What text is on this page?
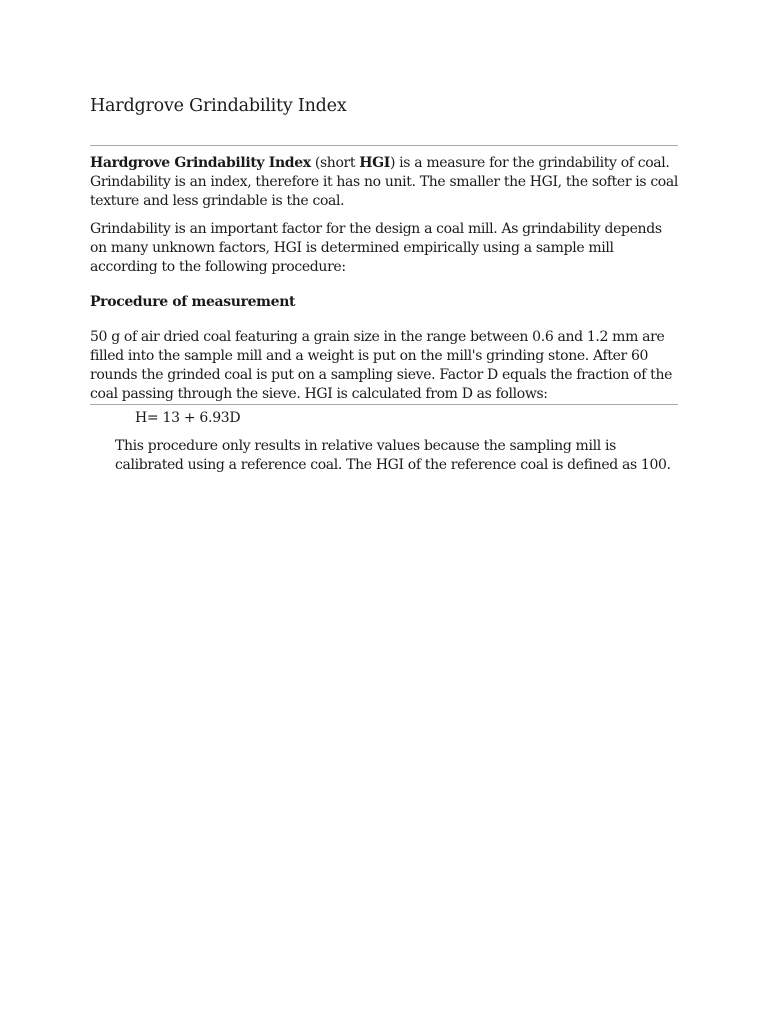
Hardgrove Grindability Index

Hardgrove Grindability Index (short HGI) is a measure for the grindability of coal. Grindability is an index, therefore it has no unit. The smaller the HGI, the softer is coal texture and less grindable is the coal.

Grindability is an important factor for the design a coal mill. As grindability depends on many unknown factors, HGI is determined empirically using a sample mill according to the following procedure:

Procedure of measurement

50 g of air dried coal featuring a grain size in the range between 0.6 and 1.2 mm are filled into the sample mill and a weight is put on the mill's grinding stone. After 60 rounds the grinded coal is put on a sampling sieve. Factor D equals the fraction of the coal passing through the sieve. HGI is calculated from D as follows:

H= 13 + 6.93D

This procedure only results in relative values because the sampling mill is calibrated using a reference coal. The HGI of the reference coal is defined as 100.
